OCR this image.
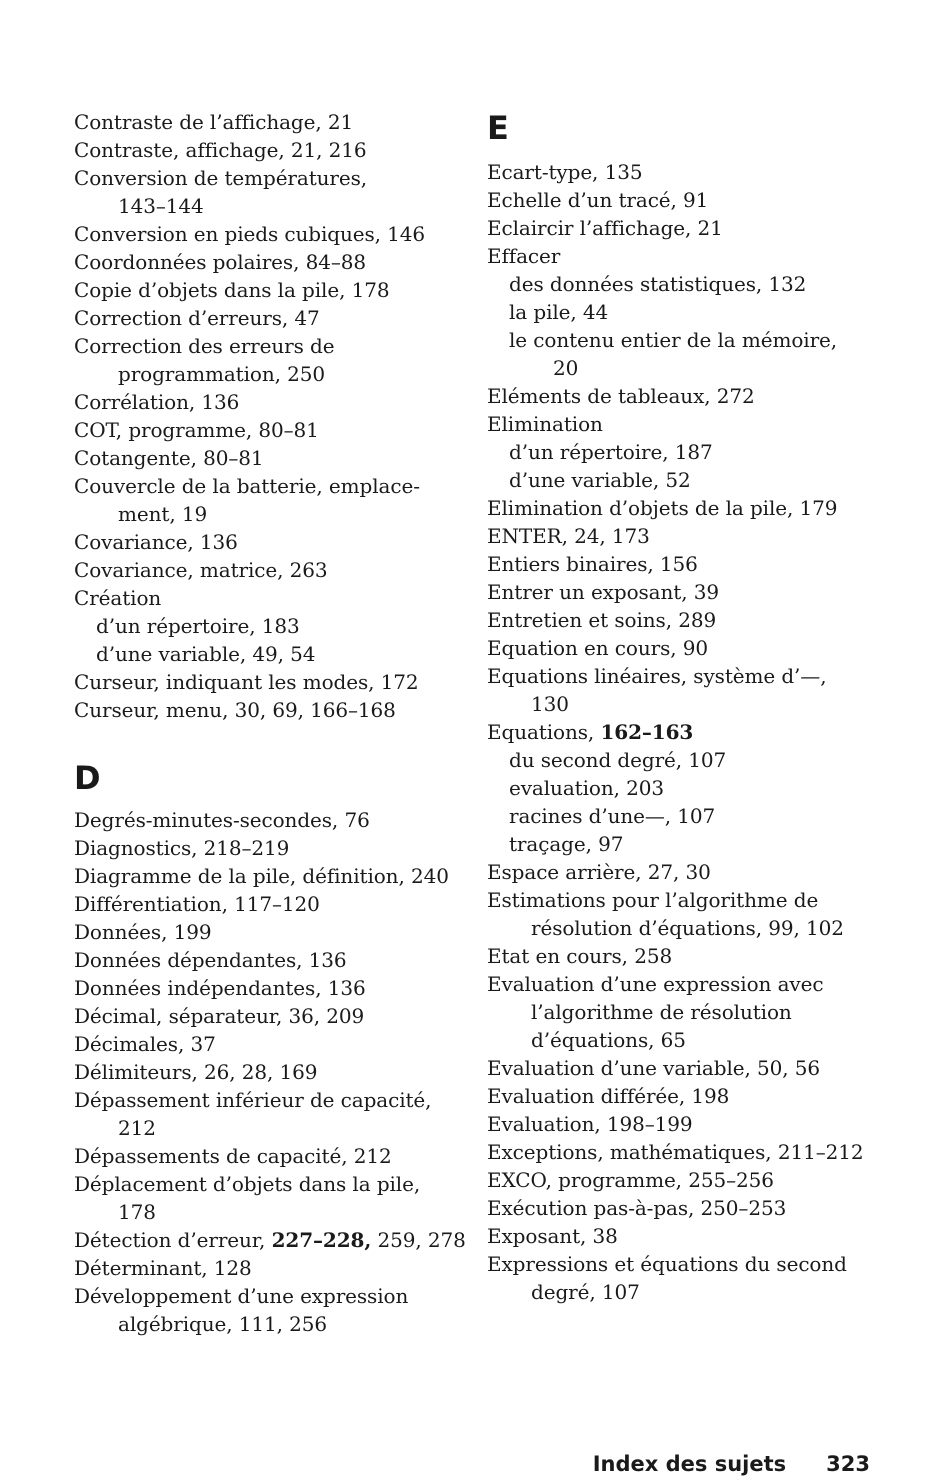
Contraste de l’affichage, 21
Contraste, affichage, 21, 216
Conversion de températures,
143–144
Conversion en pieds cubiques, 146
Coordonnées polaires, 84–88
Copie d’objets dans la pile, 178
Correction d’erreurs, 47
Correction des erreurs de
programmation, 250
Corrélation, 136
COT, programme, 80–81
Cotangente, 80–81
Couvercle de la batterie, emplace-
ment, 19
Covariance, 136
Covariance, matrice, 263
Création
d’un répertoire, 183
d’une variable, 49, 54
Curseur, indiquant les modes, 172
Curseur, menu, 30, 69, 166–168
D
Degrés-minutes-secondes, 76
Diagnostics, 218–219
Diagramme de la pile, définition, 240
Différentiation, 117–120
Données, 199
Données dépendantes, 136
Données indépendantes, 136
Décimal, séparateur, 36, 209
Décimales, 37
Délimiteurs, 26, 28, 169
Dépassement inférieur de capacité,
212
Dépassements de capacité, 212
Déplacement d’objets dans la pile,
178
Détection d’erreur, 227–228, 259, 278
Déterminant, 128
Développement d’une expression
algébrique, 111, 256
E
Ecart-type, 135
Echelle d’un tracé, 91
Eclaircir l’affichage, 21
Effacer
des données statistiques, 132
la pile, 44
le contenu entier de la mémoire,
20
Eléments de tableaux, 272
Elimination
d’un répertoire, 187
d’une variable, 52
Elimination d’objets de la pile, 179
ENTER, 24, 173
Entiers binaires, 156
Entrer un exposant, 39
Entretien et soins, 289
Equation en cours, 90
Equations linéaires, système d’—,
130
Equations, 162–163
du second degré, 107
evaluation, 203
racines d’une—, 107
traçage, 97
Espace arrière, 27, 30
Estimations pour l’algorithme de
résolution d’équations, 99, 102
Etat en cours, 258
Evaluation d’une expression avec
l’algorithme de résolution
d’équations, 65
Evaluation d’une variable, 50, 56
Evaluation différée, 198
Evaluation, 198–199
Exceptions, mathématiques, 211–212
EXCO, programme, 255–256
Exécution pas-à-pas, 250–253
Exposant, 38
Expressions et équations du second
degré, 107
Index des sujets 323
